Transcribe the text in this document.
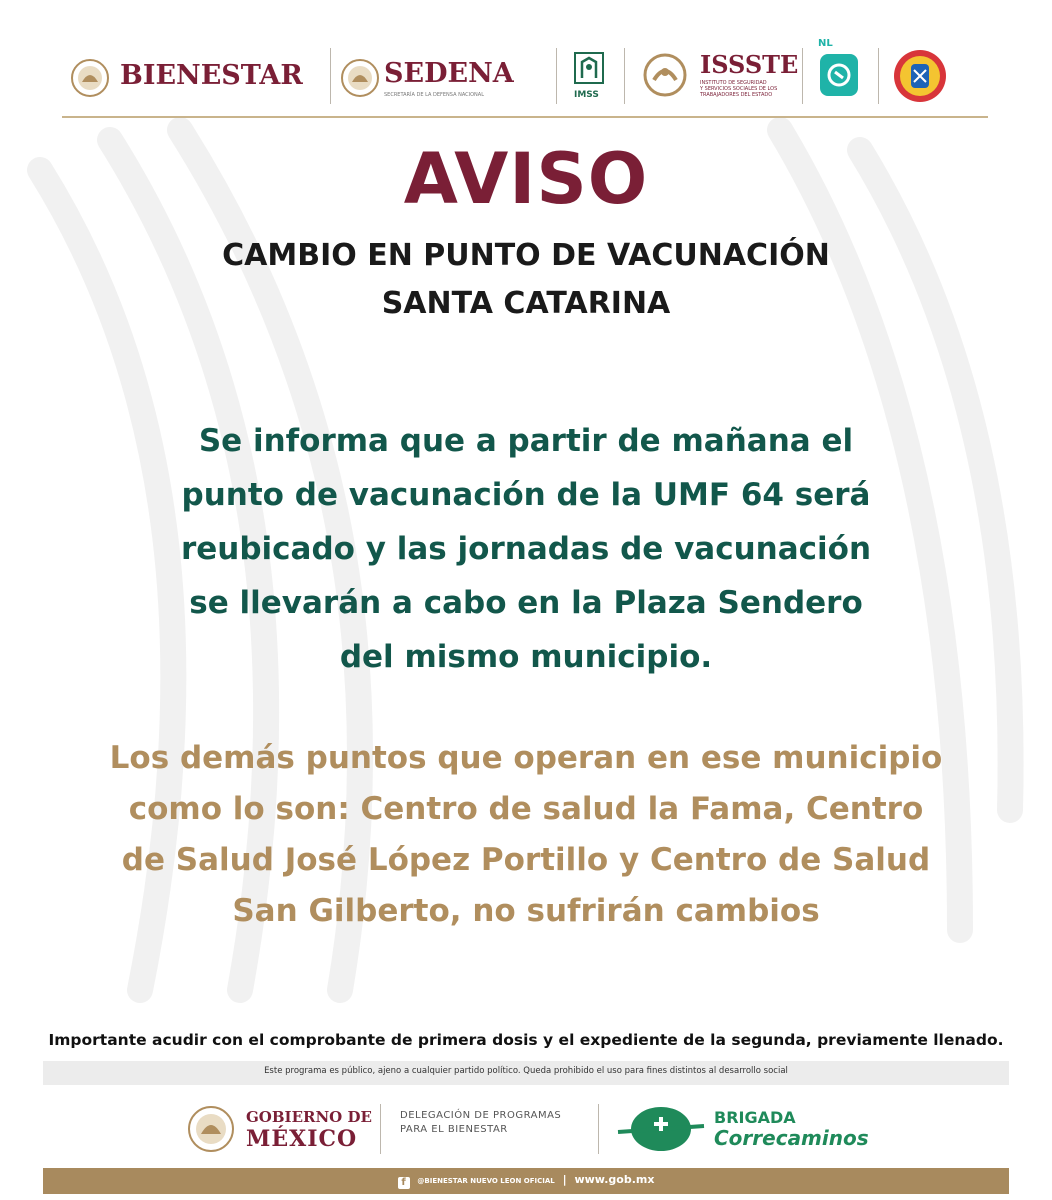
BIENESTAR	SEDENA
SECRETARÍA DE LA DEFENSA NACIONAL	IMSS
ISSSTE
INSTITUTO DE SEGURIDAD
Y SERVICIOS SOCIALES DE LOS
TRABAJADORES DEL ESTADO
NL
AVISO
CAMBIO EN PUNTO DE VACUNACIÓN
SANTA CATARINA
Se informa que a partir de mañana el
punto de vacunación de la UMF 64 será
reubicado y las jornadas de vacunación
se llevarán a cabo en la Plaza Sendero
del mismo municipio.
Los demás puntos que operan en ese municipio
como lo son: Centro de salud la Fama, Centro
de Salud José López Portillo y Centro de Salud
San Gilberto, no sufrirán cambios
Importante acudir con el comprobante de primera dosis y el expediente de la segunda, previamente llenado.
Este programa es público, ajeno a cualquier partido político. Queda prohibido el uso para fines distintos al desarrollo social
GOBIERNO DE
MÉXICO
DELEGACIÓN DE PROGRAMAS
PARA EL BIENESTAR
BRIGADA
Correcaminos
f @BIENESTAR NUEVO LEON OFICIAL | www.gob.mx
